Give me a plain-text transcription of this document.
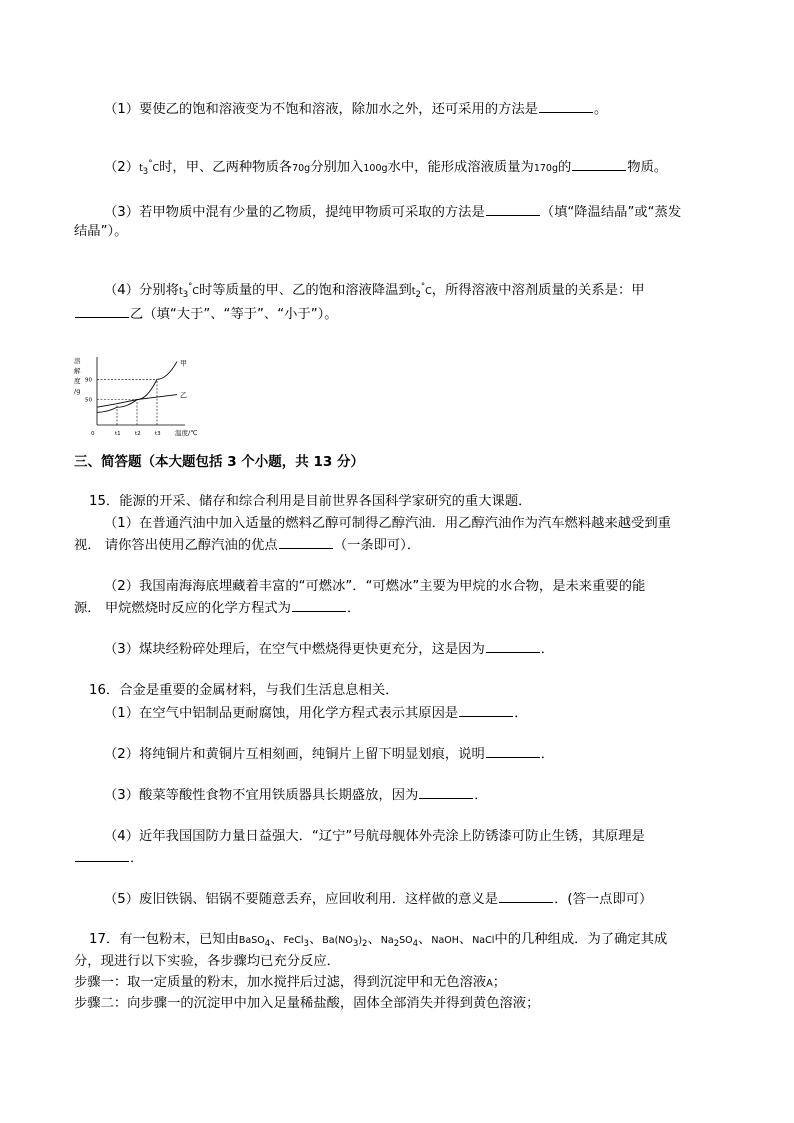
（1）要使乙的饱和溶液变为不饱和溶液，除加水之外，还可采用的方法是	。
$(2)t_3^\circ C$时，甲、乙两种物质各70g分别加入100g水中，能形成溶液质量为170g的	物质。
（3）若甲物质中混有少量的乙物质，提纯甲物质可采取的方法是	（填“降温结晶”或“蒸发
结晶”）。
（4）分别将$t_3^\circ C$时等质量的甲、乙的饱和溶液降温到$t_2^\circ C$，所得溶液中溶剂质量的关系是：甲
乙（填“大于”、“等于”、“小于”）。
溶
解
度
/g
温度/℃
0	t1	t2	t3
90
50
甲
乙
三、简答题（本大题包括 3 个小题，共 13 分）
15．能源的开采、储存和综合利用是目前世界各国科学家研究的重大课题．
（1）在普通汽油中加入适量的燃料乙醇可制得乙醇汽油．用乙醇汽油作为汽车燃料越来越受到重
视． 请你答出使用乙醇汽油的优点	（一条即可）．
（2）我国南海海底埋藏着丰富的“可燃冰”．“可燃冰”主要为甲烷的水合物，是未来重要的能
源． 甲烷燃烧时反应的化学方程式为	．
（3）煤块经粉碎处理后，在空气中燃烧得更快更充分，这是因为	．
16．合金是重要的金属材料，与我们生活息息相关．
（1）在空气中铝制品更耐腐蚀，用化学方程式表示其原因是	．
（2）将纯铜片和黄铜片互相刻画，纯铜片上留下明显划痕，说明	．
（3）酸菜等酸性食物不宜用铁质器具长期盛放，因为	．
（4）近年我国国防力量日益强大．“辽宁”号航母舰体外壳涂上防锈漆可防止生锈，其原理是
．
（5）废旧铁锅、铝锅不要随意丢弃，应回收利用．这样做的意义是	．(答一点即可）
17．有一包粉末，已知由BaSO$_4$、FeCl$_3$、$Ba(NO_3)_2$、$Na_2SO_4$、NaOH、NaCl中的几种组成．为了确定其成
分，现进行以下实验，各步骤均已充分反应．
步骤一：取一定质量的粉末，加水搅拌后过滤，得到沉淀甲和无色溶液A；
步骤二：向步骤一的沉淀甲中加入足量稀盐酸，固体全部消失并得到黄色溶液；
